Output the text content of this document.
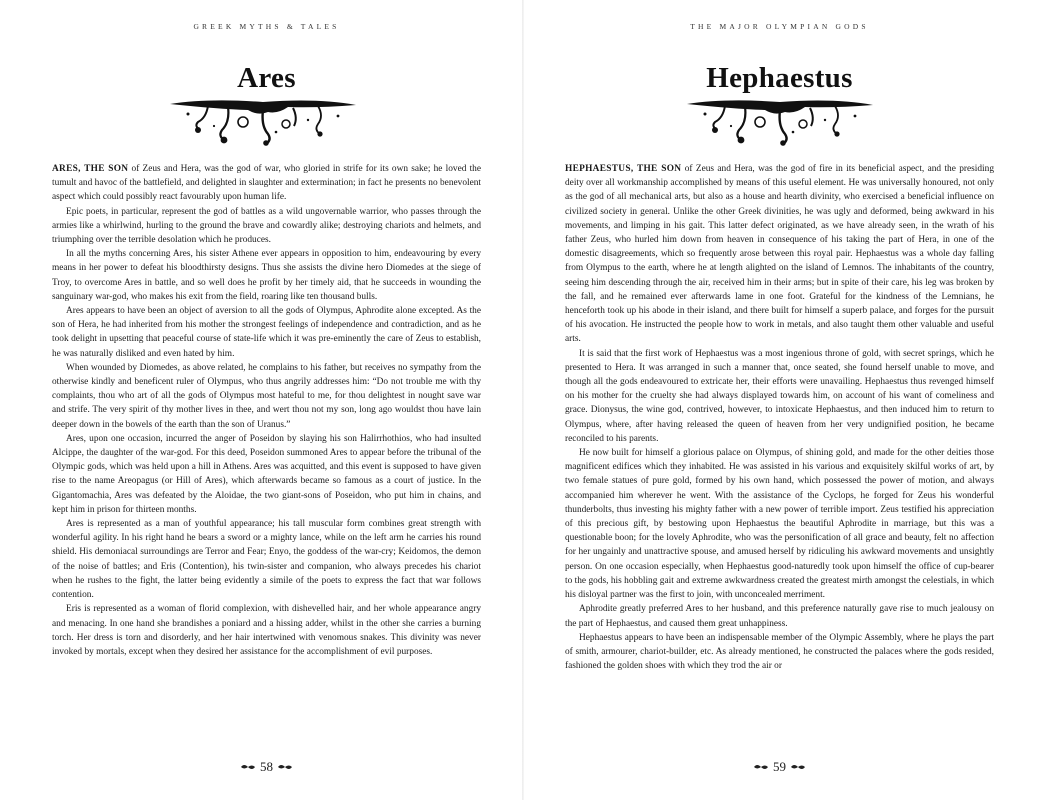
GREEK MYTHS & TALES
Ares

ARES, THE SON of Zeus and Hera, was the god of war, who gloried in strife for its own sake; he loved the tumult and havoc of the battlefield, and delighted in slaughter and extermination; in fact he presents no benevolent aspect which could possibly react favourably upon human life.

Epic poets, in particular, represent the god of battles as a wild ungovernable warrior, who passes through the armies like a whirlwind, hurling to the ground the brave and cowardly alike; destroying chariots and helmets, and triumphing over the terrible desolation which he produces.

In all the myths concerning Ares, his sister Athene ever appears in opposition to him, endeavouring by every means in her power to defeat his bloodthirsty designs. Thus she assists the divine hero Diomedes at the siege of Troy, to overcome Ares in battle, and so well does he profit by her timely aid, that he succeeds in wounding the sanguinary war-god, who makes his exit from the field, roaring like ten thousand bulls.

Ares appears to have been an object of aversion to all the gods of Olympus, Aphrodite alone excepted. As the son of Hera, he had inherited from his mother the strongest feelings of independence and contradiction, and as he took delight in upsetting that peaceful course of state-life which it was pre-eminently the care of Zeus to establish, he was naturally disliked and even hated by him.

When wounded by Diomedes, as above related, he complains to his father, but receives no sympathy from the otherwise kindly and beneficent ruler of Olympus, who thus angrily addresses him: “Do not trouble me with thy complaints, thou who art of all the gods of Olympus most hateful to me, for thou delightest in nought save war and strife. The very spirit of thy mother lives in thee, and wert thou not my son, long ago wouldst thou have lain deeper down in the bowels of the earth than the son of Uranus.”

Ares, upon one occasion, incurred the anger of Poseidon by slaying his son Halirrhothios, who had insulted Alcippe, the daughter of the war-god. For this deed, Poseidon summoned Ares to appear before the tribunal of the Olympic gods, which was held upon a hill in Athens. Ares was acquitted, and this event is supposed to have given rise to the name Areopagus (or Hill of Ares), which afterwards became so famous as a court of justice. In the Gigantomachia, Ares was defeated by the Aloidae, the two giant-sons of Poseidon, who put him in chains, and kept him in prison for thirteen months.

Ares is represented as a man of youthful appearance; his tall muscular form combines great strength with wonderful agility. In his right hand he bears a sword or a mighty lance, while on the left arm he carries his round shield. His demoniacal surroundings are Terror and Fear; Enyo, the goddess of the war-cry; Keidomos, the demon of the noise of battles; and Eris (Contention), his twin-sister and companion, who always precedes his chariot when he rushes to the fight, the latter being evidently a simile of the poets to express the fact that war follows contention.

Eris is represented as a woman of florid complexion, with dishevelled hair, and her whole appearance angry and menacing. In one hand she brandishes a poniard and a hissing adder, whilst in the other she carries a burning torch. Her dress is torn and disorderly, and her hair intertwined with venomous snakes. This divinity was never invoked by mortals, except when they desired her assistance for the accomplishment of evil purposes.

58
THE MAJOR OLYMPIAN GODS
Hephaestus

HEPHAESTUS, THE SON of Zeus and Hera, was the god of fire in its beneficial aspect, and the presiding deity over all workmanship accomplished by means of this useful element. He was universally honoured, not only as the god of all mechanical arts, but also as a house and hearth divinity, who exercised a beneficial influence on civilized society in general. Unlike the other Greek divinities, he was ugly and deformed, being awkward in his movements, and limping in his gait. This latter defect originated, as we have already seen, in the wrath of his father Zeus, who hurled him down from heaven in consequence of his taking the part of Hera, in one of the domestic disagreements, which so frequently arose between this royal pair. Hephaestus was a whole day falling from Olympus to the earth, where he at length alighted on the island of Lemnos. The inhabitants of the country, seeing him descending through the air, received him in their arms; but in spite of their care, his leg was broken by the fall, and he remained ever afterwards lame in one foot. Grateful for the kindness of the Lemnians, he henceforth took up his abode in their island, and there built for himself a superb palace, and forges for the pursuit of his avocation. He instructed the people how to work in metals, and also taught them other valuable and useful arts.

It is said that the first work of Hephaestus was a most ingenious throne of gold, with secret springs, which he presented to Hera. It was arranged in such a manner that, once seated, she found herself unable to move, and though all the gods endeavoured to extricate her, their efforts were unavailing. Hephaestus thus revenged himself on his mother for the cruelty she had always displayed towards him, on account of his want of comeliness and grace. Dionysus, the wine god, contrived, however, to intoxicate Hephaestus, and then induced him to return to Olympus, where, after having released the queen of heaven from her very undignified position, he became reconciled to his parents.

He now built for himself a glorious palace on Olympus, of shining gold, and made for the other deities those magnificent edifices which they inhabited. He was assisted in his various and exquisitely skilful works of art, by two female statues of pure gold, formed by his own hand, which possessed the power of motion, and always accompanied him wherever he went. With the assistance of the Cyclops, he forged for Zeus his wonderful thunderbolts, thus investing his mighty father with a new power of terrible import. Zeus testified his appreciation of this precious gift, by bestowing upon Hephaestus the beautiful Aphrodite in marriage, but this was a questionable boon; for the lovely Aphrodite, who was the personification of all grace and beauty, felt no affection for her ungainly and unattractive spouse, and amused herself by ridiculing his awkward movements and unsightly person. On one occasion especially, when Hephaestus good-naturedly took upon himself the office of cup-bearer to the gods, his hobbling gait and extreme awkwardness created the greatest mirth amongst the celestials, in which his disloyal partner was the first to join, with unconcealed merriment.

Aphrodite greatly preferred Ares to her husband, and this preference naturally gave rise to much jealousy on the part of Hephaestus, and caused them great unhappiness.

Hephaestus appears to have been an indispensable member of the Olympic Assembly, where he plays the part of smith, armourer, chariot-builder, etc. As already mentioned, he constructed the palaces where the gods resided, fashioned the golden shoes with which they trod the air or

59
